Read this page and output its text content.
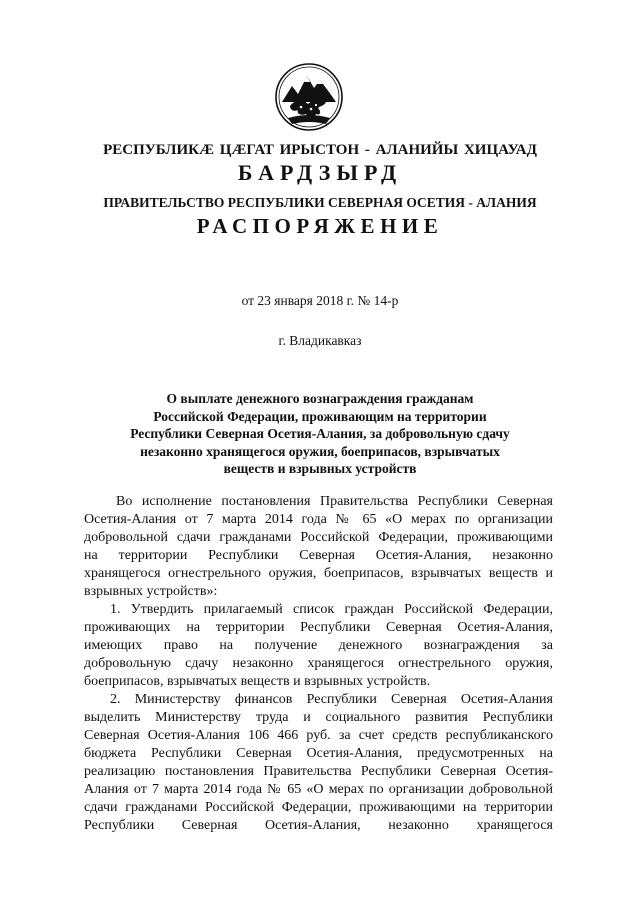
РЕСПУБЛИКӔ ЦӔГАТ ИРЫСТОН - АЛАНИЙЫ ХИЦАУАД
БАРДЗЫРД
ПРАВИТЕЛЬСТВО РЕСПУБЛИКИ СЕВЕРНАЯ ОСЕТИЯ - АЛАНИЯ
РАСПОРЯЖЕНИЕ
от 23 января 2018 г. № 14-р
г. Владикавказ
О выплате денежного вознаграждения гражданам
Российской Федерации, проживающим на территории
Республики Северная Осетия-Алания, за добровольную сдачу
незаконно хранящегося оружия, боеприпасов, взрывчатых
веществ и взрывных устройств
Во исполнение постановления Правительства Республики Северная
Осетия-Алания от 7 марта 2014 года № 65 «О мерах по организации
добровольной сдачи гражданами Российской Федерации, проживающими
на территории Республики Северная Осетия-Алания, незаконно
хранящегося огнестрельного оружия, боеприпасов, взрывчатых веществ и
взрывных устройств»:
1. Утвердить прилагаемый список граждан Российской Федерации,
проживающих на территории Республики Северная Осетия-Алания,
имеющих право на получение денежного вознаграждения за
добровольную сдачу незаконно хранящегося огнестрельного оружия,
боеприпасов, взрывчатых веществ и взрывных устройств.
2. Министерству финансов Республики Северная Осетия-Алания
выделить Министерству труда и социального развития Республики
Северная Осетия-Алания 106 466 руб. за счет средств республиканского
бюджета Республики Северная Осетия-Алания, предусмотренных на
реализацию постановления Правительства Республики Северная Осетия-
Алания от 7 марта 2014 года № 65 «О мерах по организации добровольной
сдачи гражданами Российской Федерации, проживающими на территории
Республики Северная Осетия-Алания, незаконно хранящегося
